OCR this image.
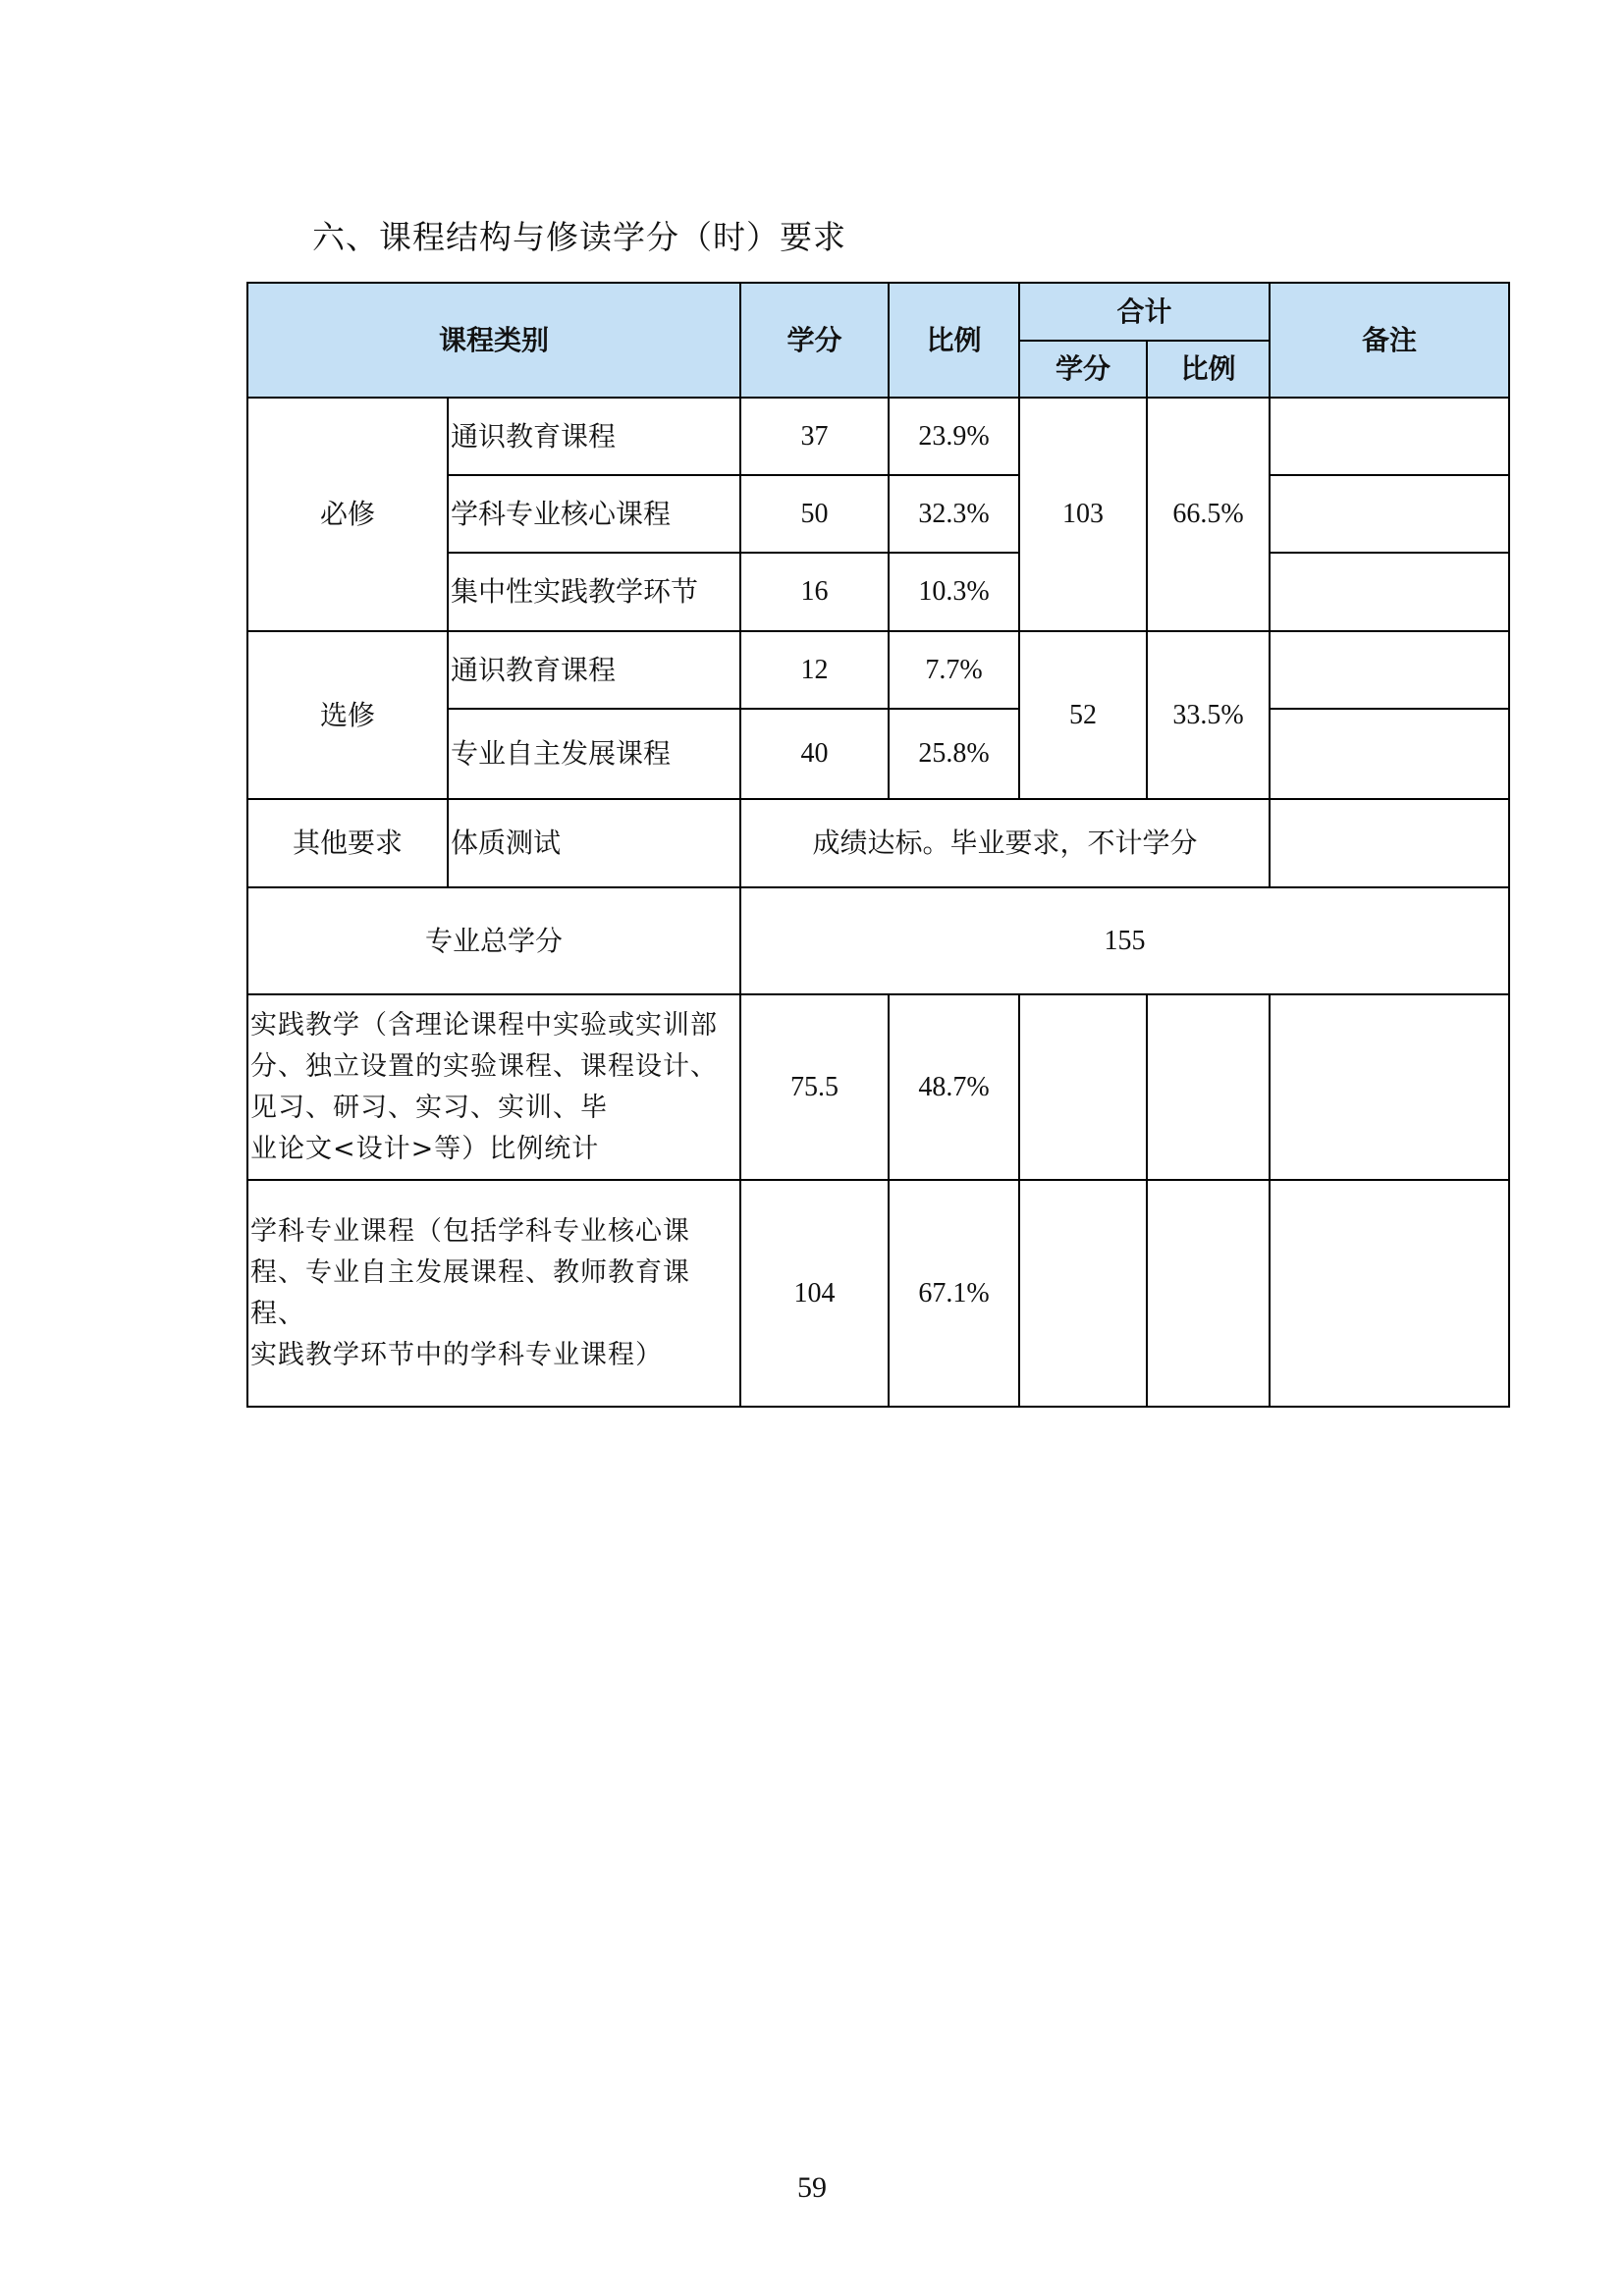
六、课程结构与修读学分（时）要求
课程类别		学分	比例	合计		备注
				学分	比例	
必修	通识教育课程	37	23.9%	103	66.5%	
	学科专业核心课程	50	32.3%			
	集中性实践教学环节	16	10.3%			
选修	通识教育课程	12	7.7%	52	33.5%	
	专业自主发展课程	40	25.8%			
其他要求	体质测试	成绩达标。毕业要求，不计学分				
专业总学分		155				

实践教学（含理论课程中实验或实训部
分、独立设置的实验课程、课程设计、
见习、研习、实习、实训、毕
业论文<设计>等）比例统计		75.5	48.7%			

学科专业课程（包括学科专业核心课
程、专业自主发展课程、教师教育课程、
实践教学环节中的学科专业课程）		104	67.1%			
59
